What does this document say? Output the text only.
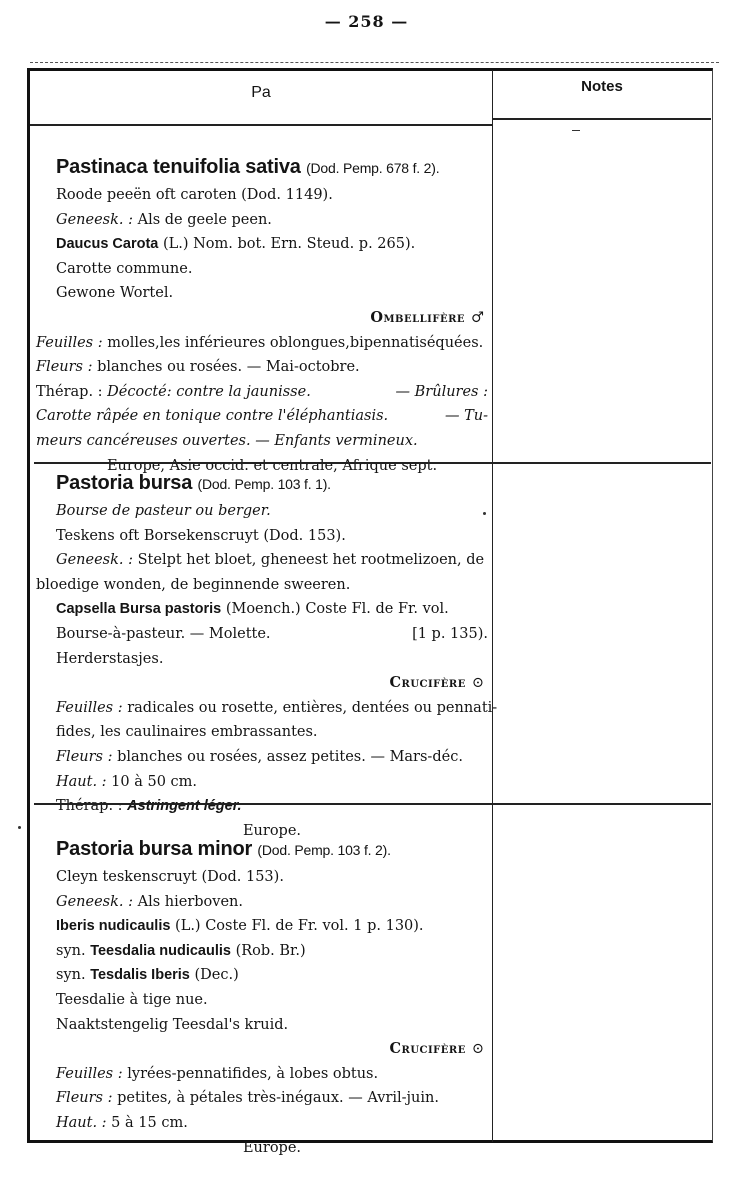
— 258 —
Pa	Notes
Pastinaca tenuifolia sativa (Dod. Pemp. 678 f. 2).
Roode peeën oft caroten (Dod. 1149).
Geneesk. : Als de geele peen.
Daucus Carota (L.) Nom. bot. Ern. Steud. p. 265).
Carotte commune.
Gewone Wortel.
Ombellifère ♂
Feuilles : molles,les inférieures oblongues,bipennatiséquées.
Fleurs : blanches ou rosées. — Mai-octobre.
Thérap. : Décocté: contre la jaunisse.	— Brûlures :
Carotte râpée en tonique contre l'éléphantiasis.	— Tu-
meurs cancéreuses ouvertes. — Enfants vermineux.
Europe, Asie occid. et centrale, Afrique sept.
Pastoria bursa (Dod. Pemp. 103 f. 1).
Bourse de pasteur ou berger.
Teskens oft Borsekenscruyt (Dod. 153).
Geneesk. : Stelpt het bloet, gheneest het rootmelizoen, de
bloedige wonden, de beginnende sweeren.
Capsella Bursa pastoris (Moench.) Coste Fl. de Fr. vol.
Bourse-à-pasteur. — Molette.	[1 p. 135).
Herderstasjes.
Crucifère ⊙
Feuilles : radicales ou rosette, entières, dentées ou pennati-
fides, les caulinaires embrassantes.
Fleurs : blanches ou rosées, assez petites. — Mars-déc.
Haut. : 10 à 50 cm.
Thérap. : Astringent léger.
Europe.
Pastoria bursa minor (Dod. Pemp. 103 f. 2).
Cleyn teskenscruyt (Dod. 153).
Geneesk. : Als hierboven.
Iberis nudicaulis (L.) Coste Fl. de Fr. vol. 1 p. 130).
syn. Teesdalia nudicaulis (Rob. Br.)
syn. Tesdalis Iberis (Dec.)
Teesdalie à tige nue.
Naaktstengelig Teesdal's kruid.
Crucifère ⊙
Feuilles : lyrées-pennatifides, à lobes obtus.
Fleurs : petites, à pétales très-inégaux. — Avril-juin.
Haut. : 5 à 15 cm.
Europe.
